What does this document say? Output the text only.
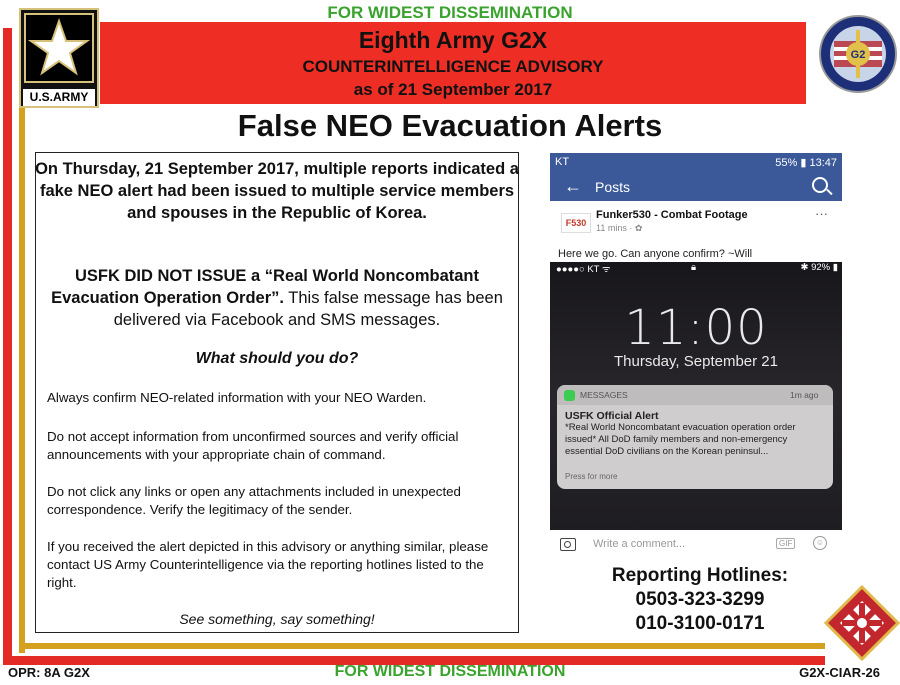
FOR WIDEST DISSEMINATION
Eighth Army G2X
COUNTERINTELLIGENCE ADVISORY
as of 21 September 2017
U.S.ARMY
G2
False NEO Evacuation Alerts
On Thursday, 21 September 2017, multiple reports indicated a fake NEO alert had been issued to multiple service members and spouses in the Republic of Korea.
USFK DID NOT ISSUE a “Real World Noncombatant Evacuation Operation Order”. This false message has been delivered via Facebook and SMS messages.
What should you do?
Always confirm NEO-related information with your NEO Warden.
Do not accept information from unconfirmed sources and verify official announcements with your appropriate chain of command.
Do not click any links or open any attachments included in unexpected correspondence. Verify the legitimacy of the sender.
If you received the alert depicted in this advisory or anything similar, please contact US Army Counterintelligence via the reporting hotlines listed to the right.
See something, say something!
KT	55% ▮ 13:47
← Posts
F530
Funker530 - Combat Footage
11 mins · ✿
···
Here we go. Can anyone confirm? ~Will
●●●●○ KT ᯤ	🔒︎	✱ 92% ▮
11:00
Thursday, September 21
MESSAGES	1m ago
USFK Official Alert
*Real World Noncombatant evacuation operation order issued* All DoD family members and non-emergency essential DoD civilians on the Korean peninsul...
Press for more
Write a comment...	GIF	☺
Reporting Hotlines:
0503-323-3299
010-3100-0171
OPR: 8A G2X	FOR WIDEST DISSEMINATION	G2X-CIAR-26
